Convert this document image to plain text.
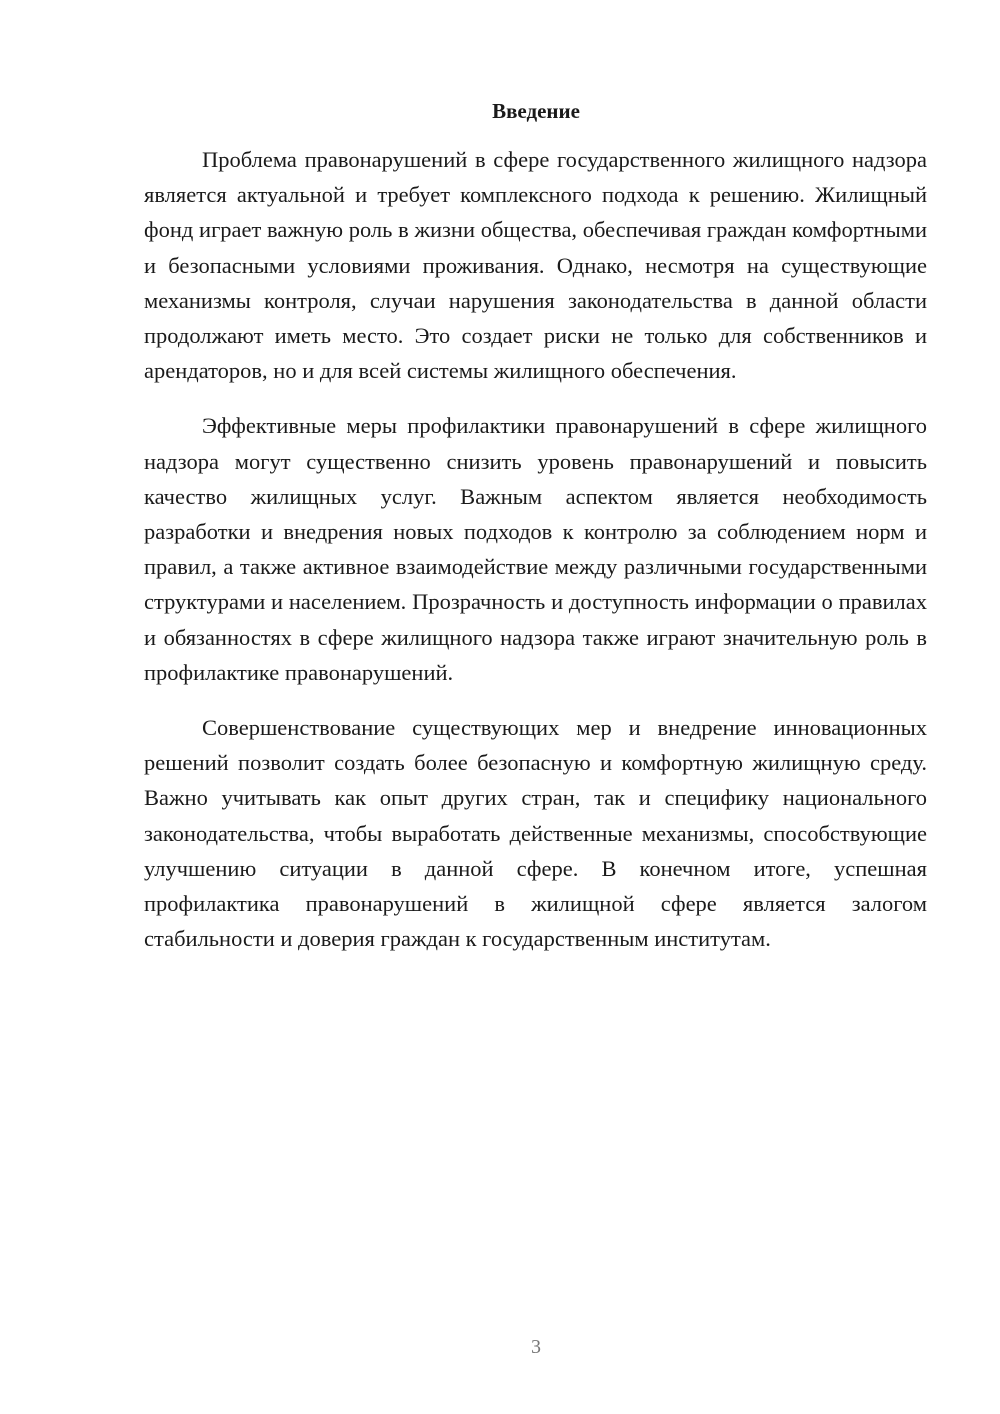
Введение

Проблема правонарушений в сфере государственного жилищного надзора является актуальной и требует комплексного подхода к решению. Жилищный фонд играет важную роль в жизни общества, обеспечивая граждан комфортными и безопасными условиями проживания. Однако, несмотря на существующие механизмы контроля, случаи нарушения законодательства в данной области продолжают иметь место. Это создает риски не только для собственников и арендаторов, но и для всей системы жилищного обеспечения.

Эффективные меры профилактики правонарушений в сфере жилищного надзора могут существенно снизить уровень правонарушений и повысить качество жилищных услуг. Важным аспектом является необходимость разработки и внедрения новых подходов к контролю за соблюдением норм и правил, а также активное взаимодействие между различными государственными структурами и населением. Прозрачность и доступность информации о правилах и обязанностях в сфере жилищного надзора также играют значительную роль в профилактике правонарушений.

Совершенствование существующих мер и внедрение инновационных решений позволит создать более безопасную и комфортную жилищную среду. Важно учитывать как опыт других стран, так и специфику национального законодательства, чтобы выработать действенные механизмы, способствующие улучшению ситуации в данной сфере. В конечном итоге, успешная профилактика правонарушений в жилищной сфере является залогом стабильности и доверия граждан к государственным институтам.

3
